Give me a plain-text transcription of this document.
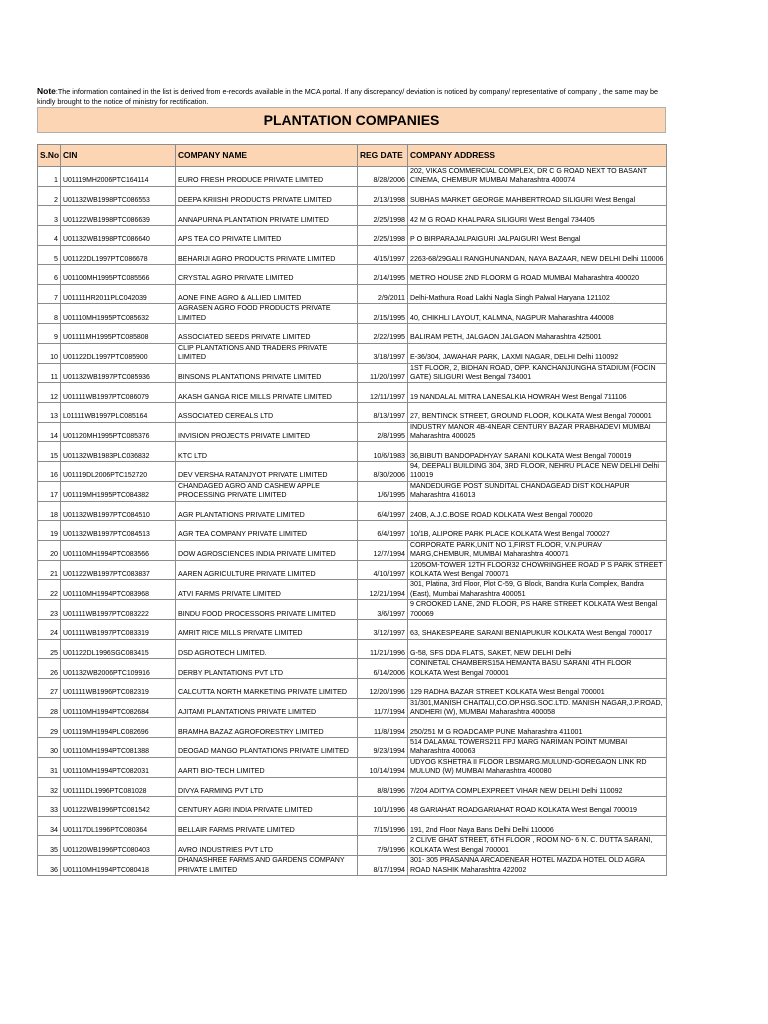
Note:The information contained in the list is derived from e-records available in the MCA portal. If any discrepancy/ deviation is noticed by company/ representative of company , the same may be kindly brought to the notice of ministry for rectification.
PLANTATION COMPANIES
S.No	CIN	COMPANY NAME	REG DATE	COMPANY ADDRESS
1	U01119MH2006PTC164114	EURO FRESH PRODUCE PRIVATE LIMITED	8/28/2006	202, VIKAS COMMERCIAL COMPLEX, DR C G ROAD NEXT TO BASANT CINEMA, CHEMBUR MUMBAI Maharashtra 400074
2	U01132WB1998PTC086553	DEEPA KRIISHI PRODUCTS PRIVATE LIMITED	2/13/1998	SUBHAS MARKET GEORGE MAHBERTROAD SILIGURI West Bengal
3	U01122WB1998PTC086639	ANNAPURNA PLANTATION PRIVATE LIMITED	2/25/1998	42 M G ROAD KHALPARA SILIGURI West Bengal 734405
4	U01132WB1998PTC086640	APS TEA CO PRIVATE LIMITED	2/25/1998	P O BIRPARAJALPAIGURI JALPAIGURI West Bengal
5	U01122DL1997PTC086678	BEHARIJI AGRO PRODUCTS PRIVATE LIMITED	4/15/1997	2263-68/29GALI RANGHUNANDAN, NAYA BAZAAR, NEW DELHI Delhi 110006
6	U01100MH1995PTC085566	CRYSTAL AGRO PRIVATE LIMITED	2/14/1995	METRO HOUSE 2ND FLOORM G ROAD MUMBAI Maharashtra 400020
7	U01111HR2011PLC042039	AONE FINE AGRO & ALLIED LIMITED	2/9/2011	Delhi-Mathura Road Lakhi Nagla Singh Palwal Haryana 121102
8	U01110MH1995PTC085632	AGRASEN AGRO FOOD PRODUCTS PRIVATE LIMITED	2/15/1995	40, CHIKHLI LAYOUT, KALMNA, NAGPUR Maharashtra 440008
9	U01111MH1995PTC085808	ASSOCIATED SEEDS PRIVATE LIMITED	2/22/1995	BALIRAM PETH, JALGAON JALGAON Maharashtra 425001
10	U01122DL1997PTC085900	CLIP PLANTATIONS AND TRADERS PRIVATE LIMITED	3/18/1997	E-36/304, JAWAHAR PARK, LAXMI NAGAR, DELHI Delhi 110092
11	U01132WB1997PTC085936	BINSONS PLANTATIONS PRIVATE LIMITED	11/20/1997	1ST FLOOR, 2, BIDHAN ROAD, OPP. KANCHANJUNGHA STADIUM (FOCIN GATE) SILIGURI West Bengal 734001
12	U01111WB1997PTC086079	AKASH GANGA RICE MILLS PRIVATE LIMITED	12/11/1997	19 NANDALAL MITRA LANESALKIA HOWRAH West Bengal 711106
13	L01111WB1997PLC085164	ASSOCIATED CEREALS LTD	8/13/1997	27, BENTINCK STREET, GROUND FLOOR, KOLKATA West Bengal 700001
14	U01120MH1995PTC085376	INVISION PROJECTS PRIVATE LIMITED	2/8/1995	INDUSTRY MANOR 4B-4NEAR CENTURY BAZAR PRABHADEVI MUMBAI Maharashtra 400025
15	U01132WB1983PLC036832	KTC LTD	10/6/1983	36,BIBUTI BANDOPADHYAY SARANI KOLKATA West Bengal 700019
16	U01119DL2006PTC152720	DEV VERSHA RATANJYOT PRIVATE LIMITED	8/30/2006	94, DEEPALI BUILDING 304, 3RD FLOOR, NEHRU PLACE NEW DELHI Delhi 110019
17	U01119MH1995PTC084382	CHANDAGED AGRO AND CASHEW APPLE PROCESSING PRIVATE LIMITED	1/6/1995	MANDEDURGE POST SUNDITAL CHANDAGEAD DIST KOLHAPUR Maharashtra 416013
18	U01132WB1997PTC084510	AGR PLANTATIONS PRIVATE LIMITED	6/4/1997	240B, A.J.C.BOSE ROAD KOLKATA West Bengal 700020
19	U01132WB1997PTC084513	AGR TEA COMPANY PRIVATE LIMITED	6/4/1997	10/1B, ALIPORE PARK PLACE KOLKATA West Bengal 700027
20	U01110MH1994PTC083566	DOW AGROSCIENCES INDIA PRIVATE LIMITED	12/7/1994	CORPORATE PARK,UNIT NO 1,FIRST FLOOR, V.N.PURAV MARG,CHEMBUR, MUMBAI Maharashtra 400071
21	U01122WB1997PTC083837	AAREN AGRICULTURE PRIVATE LIMITED	4/10/1997	1205OM-TOWER 12TH FLOOR32 CHOWRINGHEE ROAD P S PARK STREET KOLKATA West Bengal 700071
22	U01110MH1994PTC083968	ATVI FARMS PRIVATE LIMITED	12/21/1994	301, Platina, 3rd Floor, Plot C-59, G Block, Bandra Kurla Complex, Bandra (East), Mumbai Maharashtra 400051
23	U01111WB1997PTC083222	BINDU FOOD PROCESSORS PRIVATE LIMITED	3/6/1997	9 CROOKED LANE, 2ND FLOOR, PS HARE STREET KOLKATA West Bengal 700069
24	U01111WB1997PTC083319	AMRIT RICE MILLS PRIVATE LIMITED	3/12/1997	63, SHAKESPEARE SARANI BENIAPUKUR KOLKATA West Bengal 700017
25	U01122DL1996SGC083415	DSD AGROTECH LIMITED.	11/21/1996	G-58, SFS DDA FLATS, SAKET, NEW DELHI Delhi
26	U01132WB2006PTC109916	DERBY PLANTATIONS PVT LTD	6/14/2006	CONINETAL CHAMBERS15A HEMANTA BASU SARANI 4TH FLOOR KOLKATA West Bengal 700001
27	U01111WB1996PTC082319	CALCUTTA NORTH MARKETING PRIVATE LIMITED	12/20/1996	129 RADHA BAZAR STREET KOLKATA West Bengal 700001
28	U01110MH1994PTC082684	AJITAMI PLANTATIONS PRIVATE LIMITED	11/7/1994	31/301,MANISH CHAITALI,CO.OP.HSG.SOC.LTD. MANISH NAGAR,J.P.ROAD, ANDHERI (W), MUMBAI Maharashtra 400058
29	U01119MH1994PLC082696	BRAMHA BAZAZ AGROFORESTRY LIMITED	11/8/1994	250/251 M G ROADCAMP PUNE Maharashtra 411001
30	U01110MH1994PTC081388	DEOGAD MANGO PLANTATIONS PRIVATE LIMITED	9/23/1994	514 DALAMAL TOWERS211 FPJ MARG NARIMAN POINT MUMBAI Maharashtra 400063
31	U01110MH1994PTC082031	AARTI BIO-TECH LIMITED	10/14/1994	UDYOG KSHETRA II FLOOR LBSMARG.MULUND-GOREGAON LINK RD MULUND (W) MUMBAI Maharashtra 400080
32	U01111DL1996PTC081028	DIVYA FARMING PVT LTD	8/8/1996	7/204 ADITYA COMPLEXPREET VIHAR NEW DELHI Delhi 110092
33	U01122WB1996PTC081542	CENTURY AGRI INDIA PRIVATE LIMITED	10/1/1996	48 GARIAHAT ROADGARIAHAT ROAD KOLKATA West Bengal 700019
34	U01117DL1996PTC080364	BELLAIR FARMS PRIVATE LIMITED	7/15/1996	191, 2nd Floor Naya Bans Delhi Delhi 110006
35	U01120WB1996PTC080403	AVRO INDUSTRIES PVT LTD	7/9/1996	2 CLIVE GHAT STREET, 6TH FLOOR , ROOM NO- 6 N. C. DUTTA SARANI, KOLKATA West Bengal 700001
36	U01110MH1994PTC080418	DHANASHREE FARMS AND GARDENS COMPANY PRIVATE LIMITED	8/17/1994	301- 305 PRASANNA ARCADENEAR HOTEL MAZDA HOTEL OLD AGRA ROAD NASHIK Maharashtra 422002
